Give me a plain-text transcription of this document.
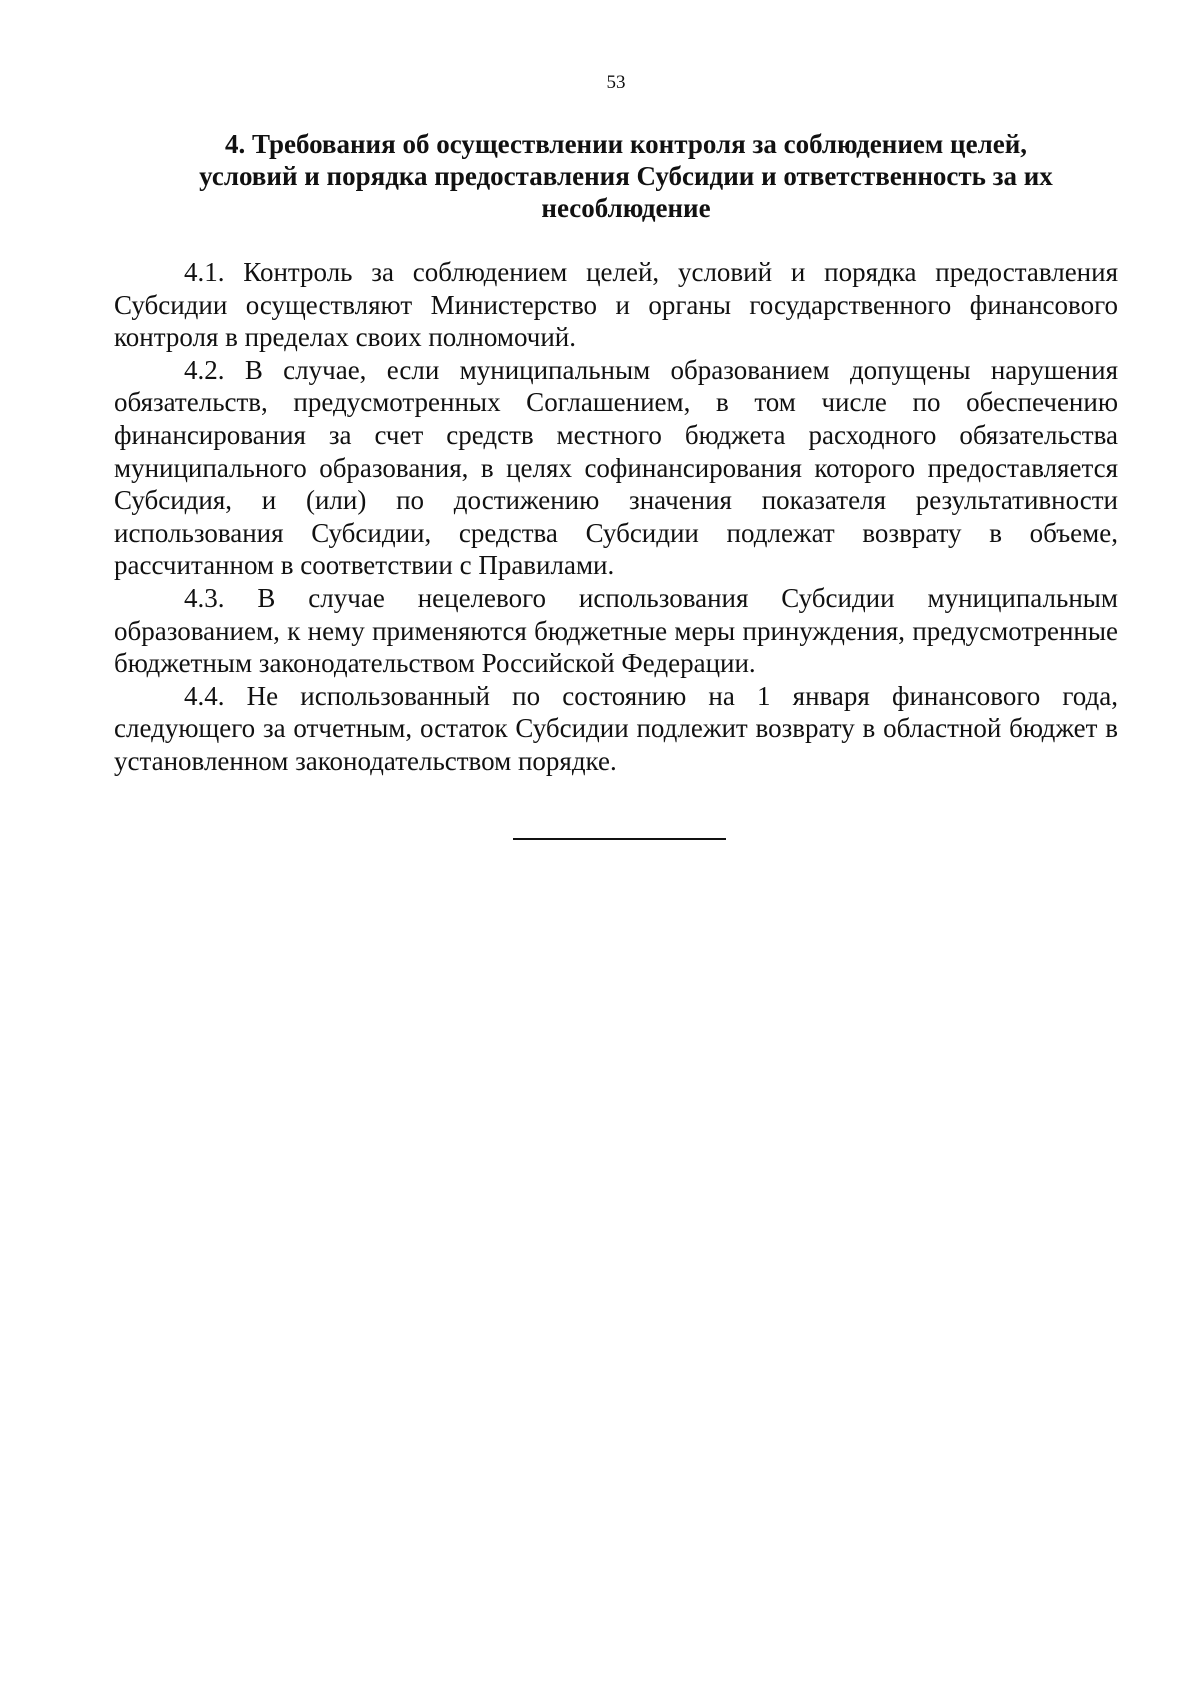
53
4. Требования об осуществлении контроля за соблюдением целей,
условий и порядка предоставления Субсидии и ответственность за их
несоблюдение

4.1. Контроль за соблюдением целей, условий и порядка предоставления Субсидии осуществляют Министерство и органы государственного финансового контроля в пределах своих полномочий.

4.2. В случае, если муниципальным образованием допущены нарушения обязательств, предусмотренных Соглашением, в том числе по обеспечению финансирования за счет средств местного бюджета расходного обязательства муниципального образования, в целях софинансирования которого предоставляется Субсидия, и (или) по достижению значения показателя результативности использования Субсидии, средства Субсидии подлежат возврату в объеме, рассчитанном в соответствии с Правилами.

4.3. В случае нецелевого использования Субсидии муниципальным образованием, к нему применяются бюджетные меры принуждения, предусмотренные бюджетным законодательством Российской Федерации.

4.4. Не использованный по состоянию на 1 января финансового года, следующего за отчетным, остаток Субсидии подлежит возврату в областной бюджет в установленном законодательством порядке.
